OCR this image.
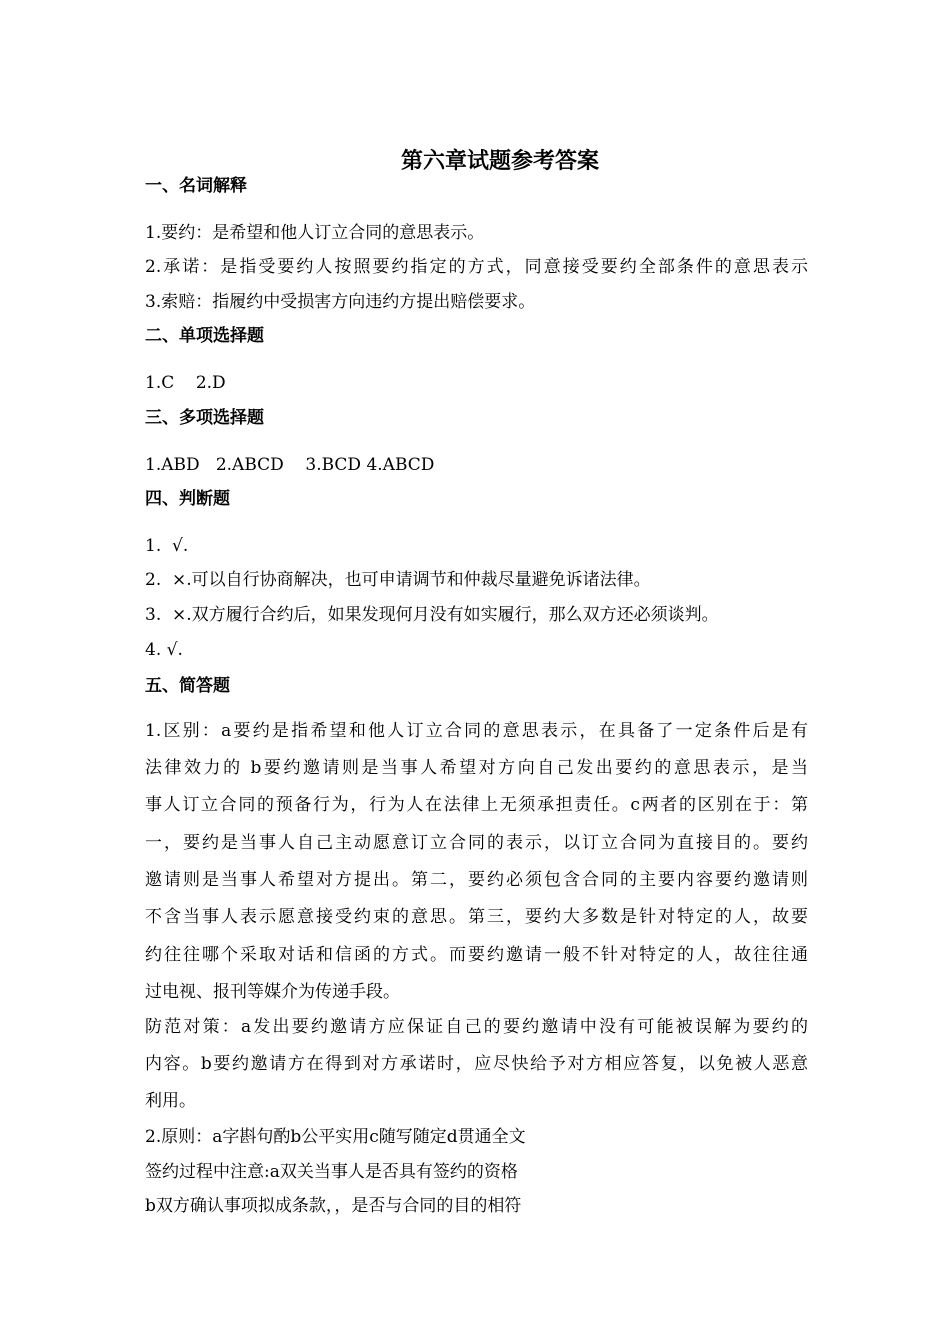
第六章试题参考答案
一、名词解释
1.要约：是希望和他人订立合同的意思表示。
2.承诺：是指受要约人按照要约指定的方式，同意接受要约全部条件的意思表示
3.索赔：指履约中受损害方向违约方提出赔偿要求。
二、单项选择题
1.C    2.D
三、多项选择题
1.ABD   2.ABCD    3.BCD 4.ABCD
四、判断题
1.  √.
2.  ×.可以自行协商解决，也可申请调节和仲裁尽量避免诉诸法律。
3.  ×.双方履行合约后，如果发现何月没有如实履行，那么双方还必须谈判。
4. √.
五、简答题
1.区别：a要约是指希望和他人订立合同的意思表示，在具备了一定条件后是有
法律效力的 b要约邀请则是当事人希望对方向自己发出要约的意思表示，是当
事人订立合同的预备行为，行为人在法律上无须承担责任。c两者的区别在于：第
一，要约是当事人自己主动愿意订立合同的表示，以订立合同为直接目的。要约
邀请则是当事人希望对方提出。第二，要约必须包含合同的主要内容要约邀请则
不含当事人表示愿意接受约束的意思。第三，要约大多数是针对特定的人，故要
约往往哪个采取对话和信函的方式。而要约邀请一般不针对特定的人，故往往通
过电视、报刊等媒介为传递手段。
防范对策：a发出要约邀请方应保证自己的要约邀请中没有可能被误解为要约的
内容。b要约邀请方在得到对方承诺时，应尽快给予对方相应答复，以免被人恶意
利用。
2.原则：a字斟句酌b公平实用c随写随定d贯通全文
签约过程中注意:a双关当事人是否具有签约的资格
b双方确认事项拟成条款，，是否与合同的目的相符
